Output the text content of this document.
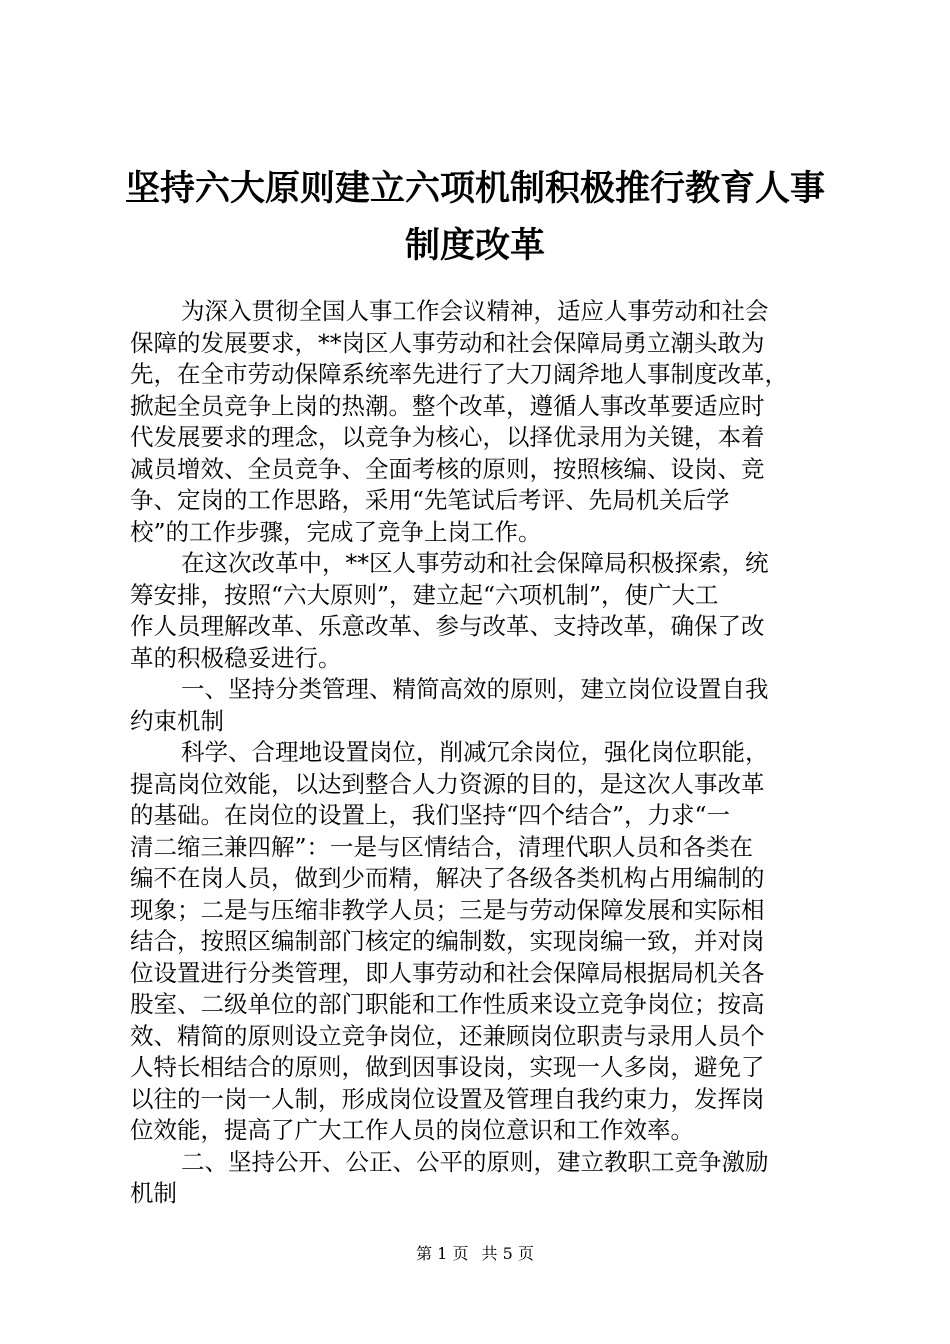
坚持六大原则建立六项机制积极推行教育人事
制度改革
为深入贯彻全国人事工作会议精神，适应人事劳动和社会
保障的发展要求，**岗区人事劳动和社会保障局勇立潮头敢为
先，在全市劳动保障系统率先进行了大刀阔斧地人事制度改革，
掀起全员竞争上岗的热潮。整个改革，遵循人事改革要适应时
代发展要求的理念，以竞争为核心，以择优录用为关键，本着
减员增效、全员竞争、全面考核的原则，按照核编、设岗、竞
争、定岗的工作思路，采用“先笔试后考评、先局机关后学
校”的工作步骤，完成了竞争上岗工作。
在这次改革中，**区人事劳动和社会保障局积极探索，统
筹安排，按照“六大原则”，建立起“六项机制”，使广大工
作人员理解改革、乐意改革、参与改革、支持改革，确保了改
革的积极稳妥进行。
一、坚持分类管理、精简高效的原则，建立岗位设置自我
约束机制
科学、合理地设置岗位，削减冗余岗位，强化岗位职能，
提高岗位效能，以达到整合人力资源的目的，是这次人事改革
的基础。在岗位的设置上，我们坚持“四个结合”，力求“一
清二缩三兼四解”：一是与区情结合，清理代职人员和各类在
编不在岗人员，做到少而精，解决了各级各类机构占用编制的
现象；二是与压缩非教学人员；三是与劳动保障发展和实际相
结合，按照区编制部门核定的编制数，实现岗编一致，并对岗
位设置进行分类管理，即人事劳动和社会保障局根据局机关各
股室、二级单位的部门职能和工作性质来设立竞争岗位；按高
效、精简的原则设立竞争岗位，还兼顾岗位职责与录用人员个
人特长相结合的原则，做到因事设岗，实现一人多岗，避免了
以往的一岗一人制，形成岗位设置及管理自我约束力，发挥岗
位效能，提高了广大工作人员的岗位意识和工作效率。
二、坚持公开、公正、公平的原则，建立教职工竞争激励
机制
第 1 页 共 5 页
